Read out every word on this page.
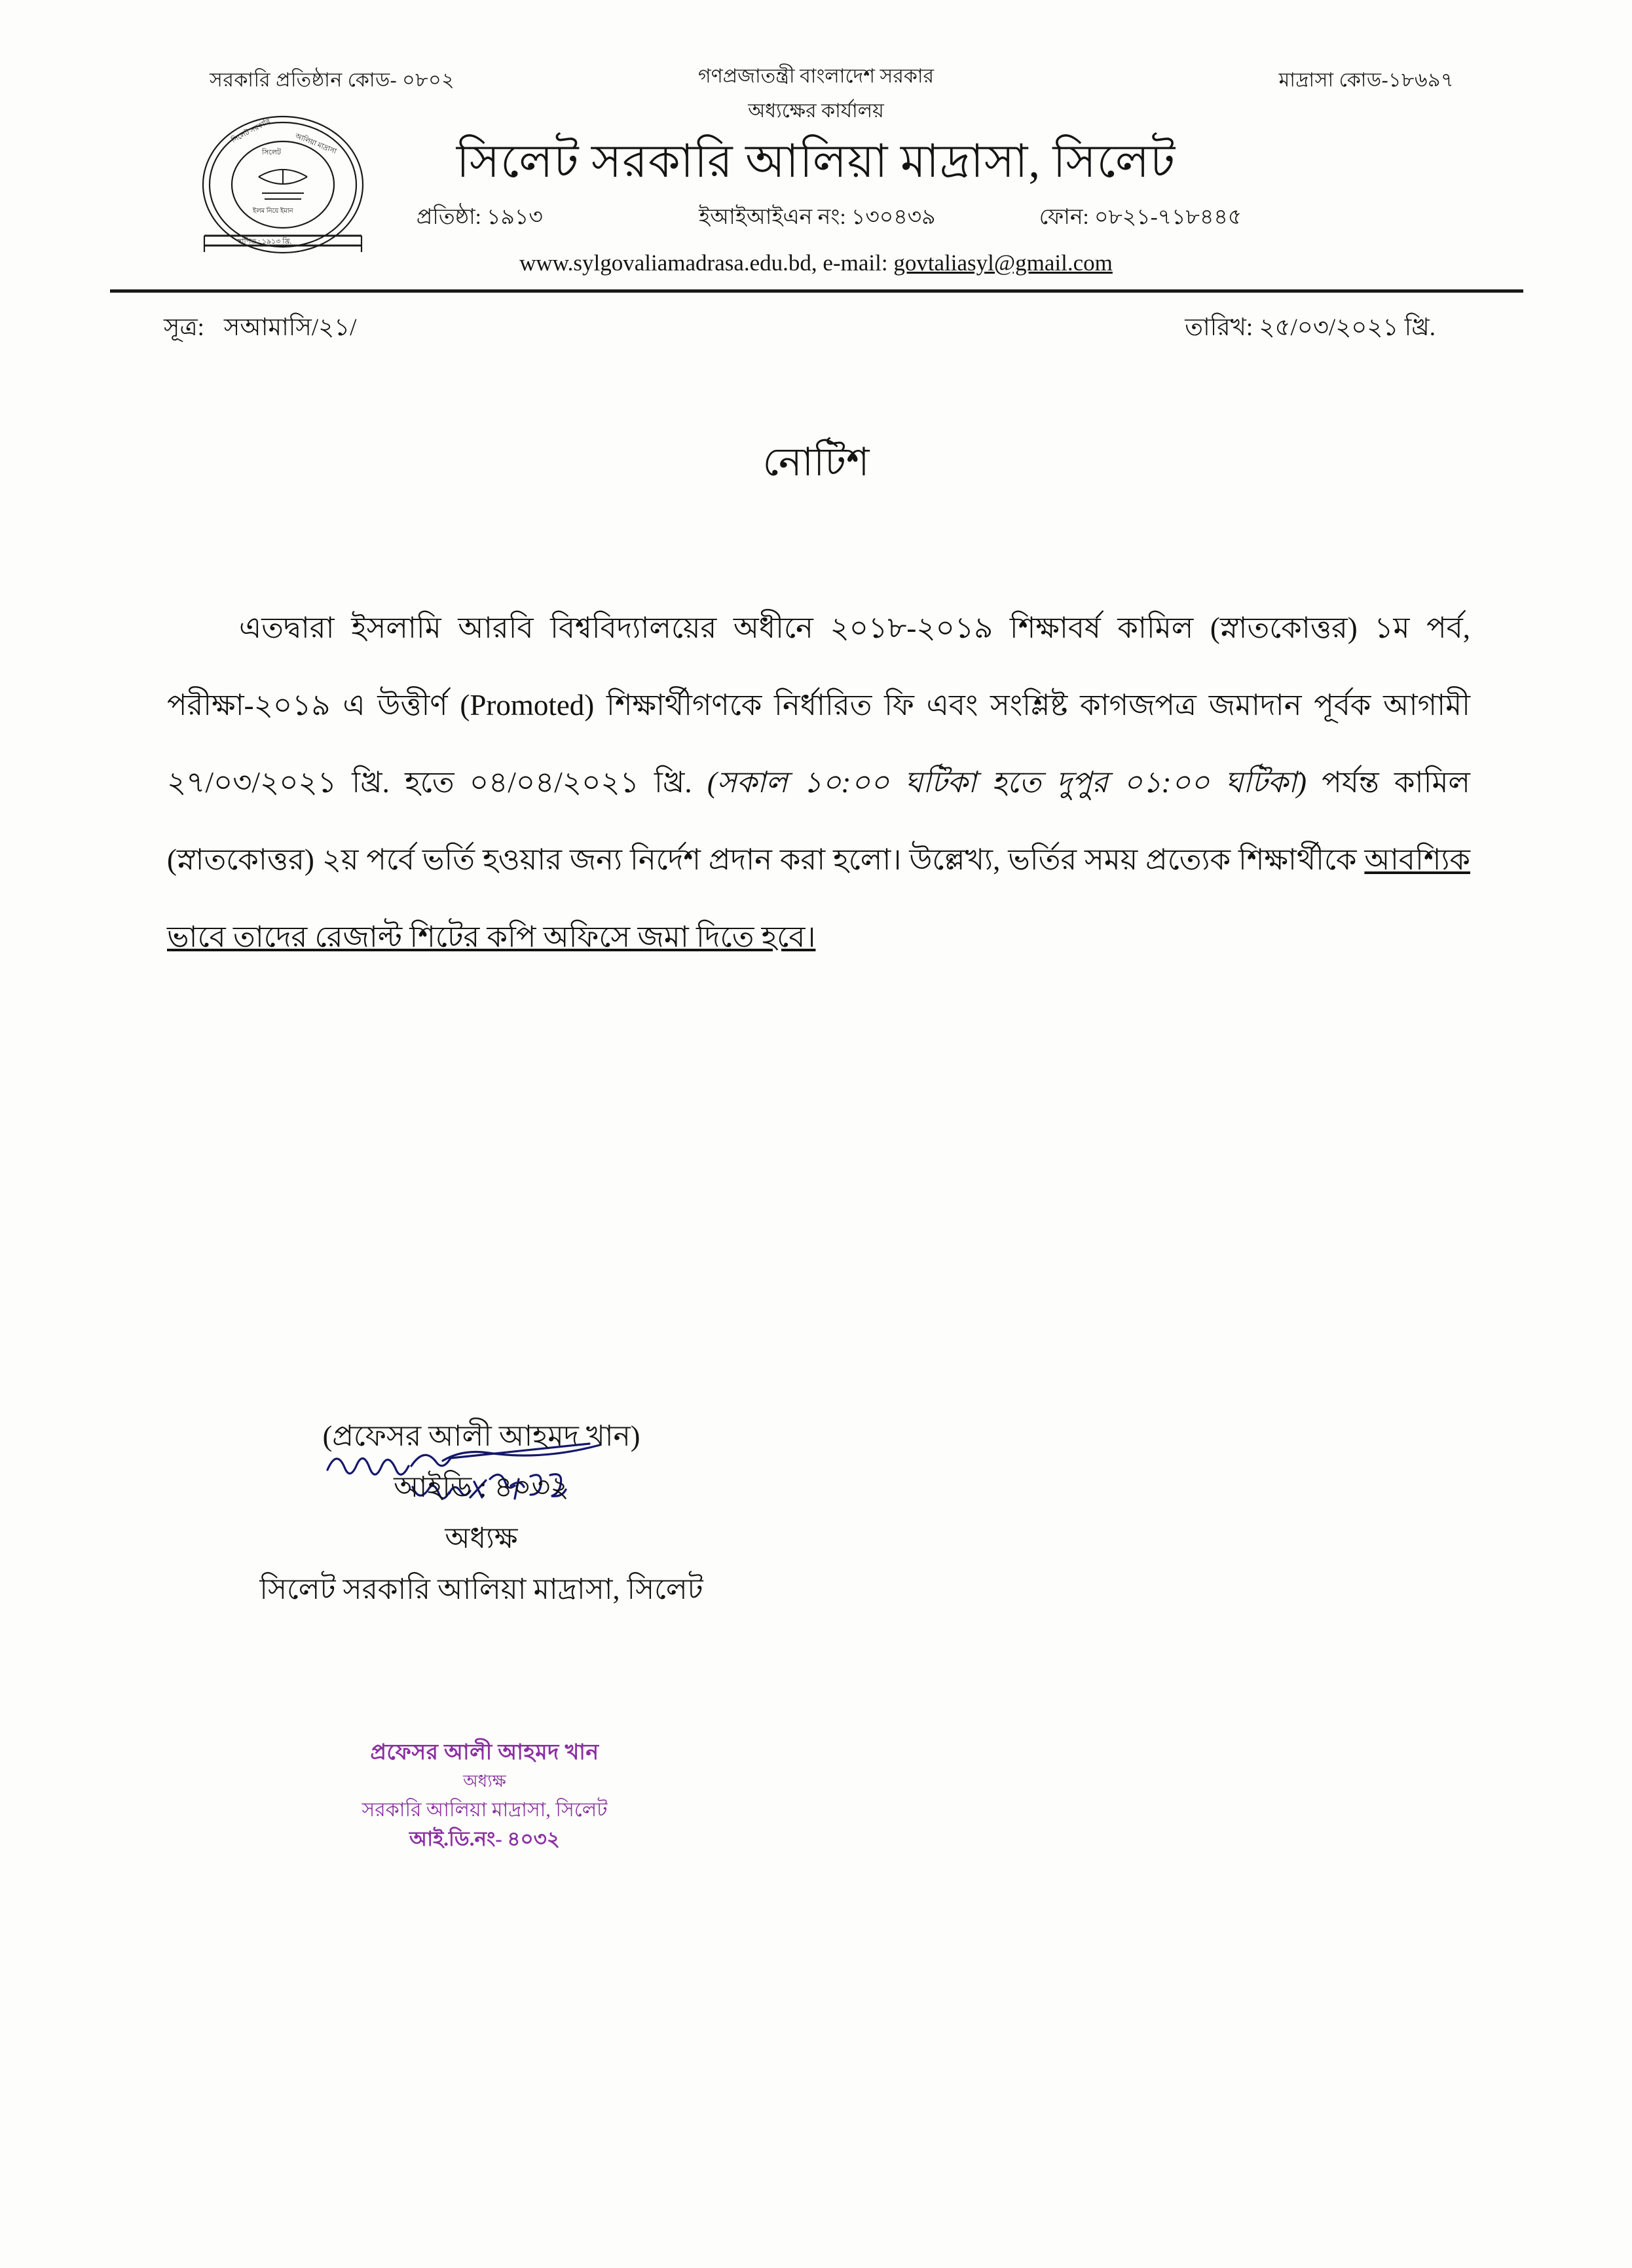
সরকারি প্রতিষ্ঠান কোড- ০৮০২	মাদ্রাসা কোড-১৮৬৯৭
গণপ্রজাতন্ত্রী বাংলাদেশ সরকার
অধ্যক্ষের কার্যালয়
সিলেট সরকারি আলিয়া মাদ্রাসা, সিলেট
প্রতিষ্ঠা: ১৯১৩	ইআইআইএন নং: ১৩০৪৩৯	ফোন: ০৮২১-৭১৮৪৪৫
www.sylgovaliamadrasa.edu.bd, e-mail: govtaliasyl@gmail.com
সিলেট সরকারি	আলিয়া মাদ্রাসা
সিলেট
ইলম নিয়ে ইমান
স্থাপিত : ১৯১৩ খ্রি.
সূত্র: সআমাসি/২১/	তারিখ: ২৫/০৩/২০২১ খ্রি.
নোটিশ
এতদ্বারা ইসলামি আরবি বিশ্ববিদ্যালয়ের অধীনে ২০১৮-২০১৯ শিক্ষাবর্ষ কামিল (স্নাতকোত্তর) ১ম পর্ব, পরীক্ষা-২০১৯ এ উত্তীর্ণ (Promoted) শিক্ষার্থীগণকে নির্ধারিত ফি এবং সংশ্লিষ্ট কাগজপত্র জমাদান পূর্বক আগামী ২৭/০৩/২০২১ খ্রি. হতে ০৪/০৪/২০২১ খ্রি. (সকাল ১০:০০ ঘটিকা হতে দুপুর ০১:০০ ঘটিকা) পর্যন্ত কামিল (স্নাতকোত্তর) ২য় পর্বে ভর্তি হওয়ার জন্য নির্দেশ প্রদান করা হলো। উল্লেখ্য, ভর্তির সময় প্রত্যেক শিক্ষার্থীকে আবশ্যিক ভাবে তাদের রেজাল্ট শিটের কপি অফিসে জমা দিতে হবে।
(প্রফেসর আলী আহমদ খান)
আইডি : ৪০৩২
অধ্যক্ষ
সিলেট সরকারি আলিয়া মাদ্রাসা, সিলেট
প্রফেসর আলী আহমদ খান
অধ্যক্ষ
সরকারি আলিয়া মাদ্রাসা, সিলেট
আই.ডি.নং- ৪০৩২
